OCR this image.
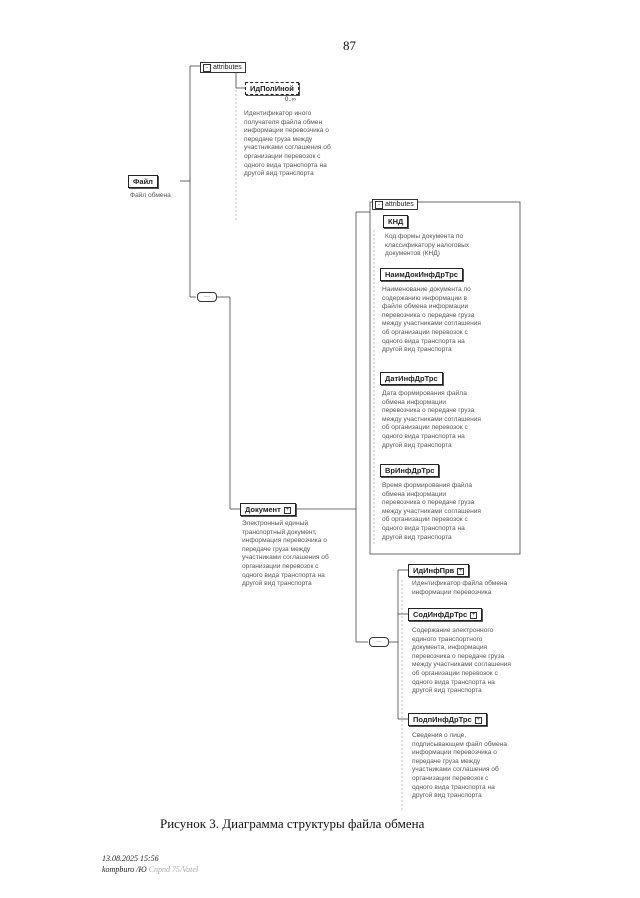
87
- attributes
ИдПолИной
0..∞
Идентификатор иного
получателя файла обмен
информации перевозчика о
передаче груза между
участниками соглашения об
организации перевозок с
одного вида транспорта на
другой вид транспорта
Файл
Файл обмена
···
Документ +
Электронный единый
транспортный документ,
информация перевозчика о
передаче груза между
участниками соглашения об
организации перевозок с
одного вида транспорта на
другой вид транспорта
- attributes
КНД
Код формы документа по
классификатору налоговых
документов (КНД)
НаимДокИнфДрТрс
Наименование документа по
содержанию информации в
файле обмена информации
перевозчика о передаче груза
между участниками соглашения
об организации перевозок с
одного вида транспорта на
другой вид транспорта
ДатИнфДрТрс
Дата формирования файла
обмена информации
перевозчика о передаче груза
между участниками соглашения
об организации перевозок с
одного вида транспорта на
другой вид транспорта
ВрИнфДрТрс
Время формирования файла
обмена информации
перевозчика о передаче груза
между участниками соглашения
об организации перевозок с
одного вида транспорта на
другой вид транспорта
···
ИдИнфПрв +
Идентификатор файла обмена
информации перевозчика
СодИнфДрТрс +
Содержание электронного
единого транспортного
документа, информация
перевозчика о передаче груза
между участниками соглашения
об организации перевозок с
одного вида транспорта на
другой вид транспорта
ПодпИнфДрТрс +
Сведения о лице,
подписывающем файл обмена
информации перевозчика о
передаче груза между
участниками соглашения об
организации перевозок с
одного вида транспорта на
другой вид транспорта
Рисунок 3. Диаграмма структуры файла обмена
13.08.2025 15:56
kompburo /Ю Cnpnd 75/Vatel
